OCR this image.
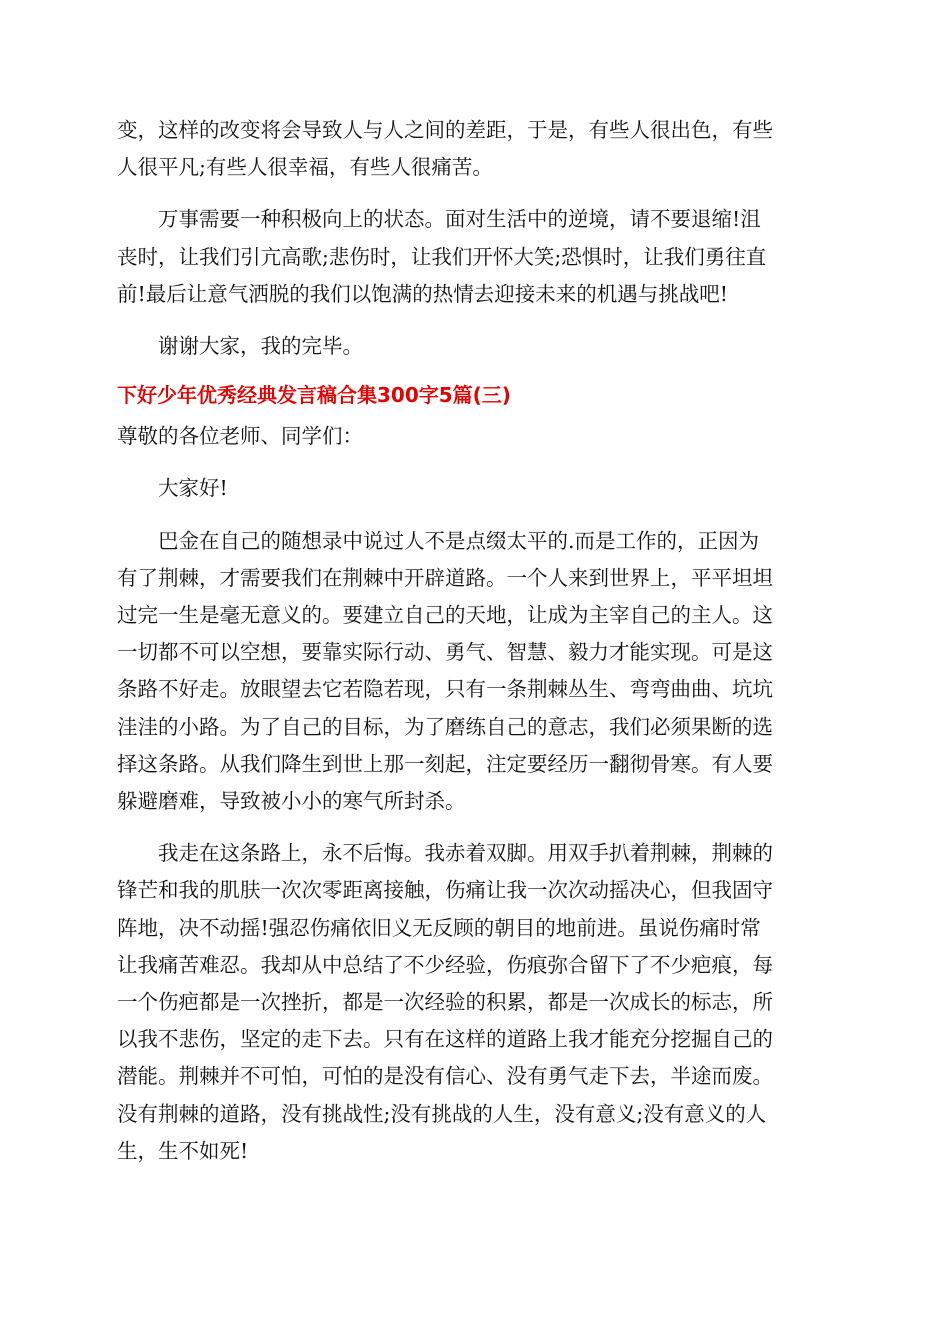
变，这样的改变将会导致人与人之间的差距，于是，有些人很出色，有些
人很平凡;有些人很幸福，有些人很痛苦。

万事需要一种积极向上的状态。面对生活中的逆境，请不要退缩!沮
丧时，让我们引亢高歌;悲伤时，让我们开怀大笑;恐惧时，让我们勇往直
前!最后让意气洒脱的我们以饱满的热情去迎接未来的机遇与挑战吧!

谢谢大家，我的完毕。

下好少年优秀经典发言稿合集300字5篇(三)

尊敬的各位老师、同学们：

大家好!

巴金在自己的随想录中说过人不是点缀太平的.而是工作的，正因为
有了荆棘，才需要我们在荆棘中开辟道路。一个人来到世界上，平平坦坦
过完一生是毫无意义的。要建立自己的天地，让成为主宰自己的主人。这
一切都不可以空想，要靠实际行动、勇气、智慧、毅力才能实现。可是这
条路不好走。放眼望去它若隐若现，只有一条荆棘丛生、弯弯曲曲、坑坑
洼洼的小路。为了自己的目标，为了磨练自己的意志，我们必须果断的选
择这条路。从我们降生到世上那一刻起，注定要经历一翻彻骨寒。有人要
躲避磨难，导致被小小的寒气所封杀。

我走在这条路上，永不后悔。我赤着双脚。用双手扒着荆棘，荆棘的
锋芒和我的肌肤一次次零距离接触，伤痛让我一次次动摇决心，但我固守
阵地，决不动摇!强忍伤痛依旧义无反顾的朝目的地前进。虽说伤痛时常
让我痛苦难忍。我却从中总结了不少经验，伤痕弥合留下了不少疤痕，每
一个伤疤都是一次挫折，都是一次经验的积累，都是一次成长的标志，所
以我不悲伤，坚定的走下去。只有在这样的道路上我才能充分挖掘自己的
潜能。荆棘并不可怕，可怕的是没有信心、没有勇气走下去，半途而废。
没有荆棘的道路，没有挑战性;没有挑战的人生，没有意义;没有意义的人
生，生不如死!
